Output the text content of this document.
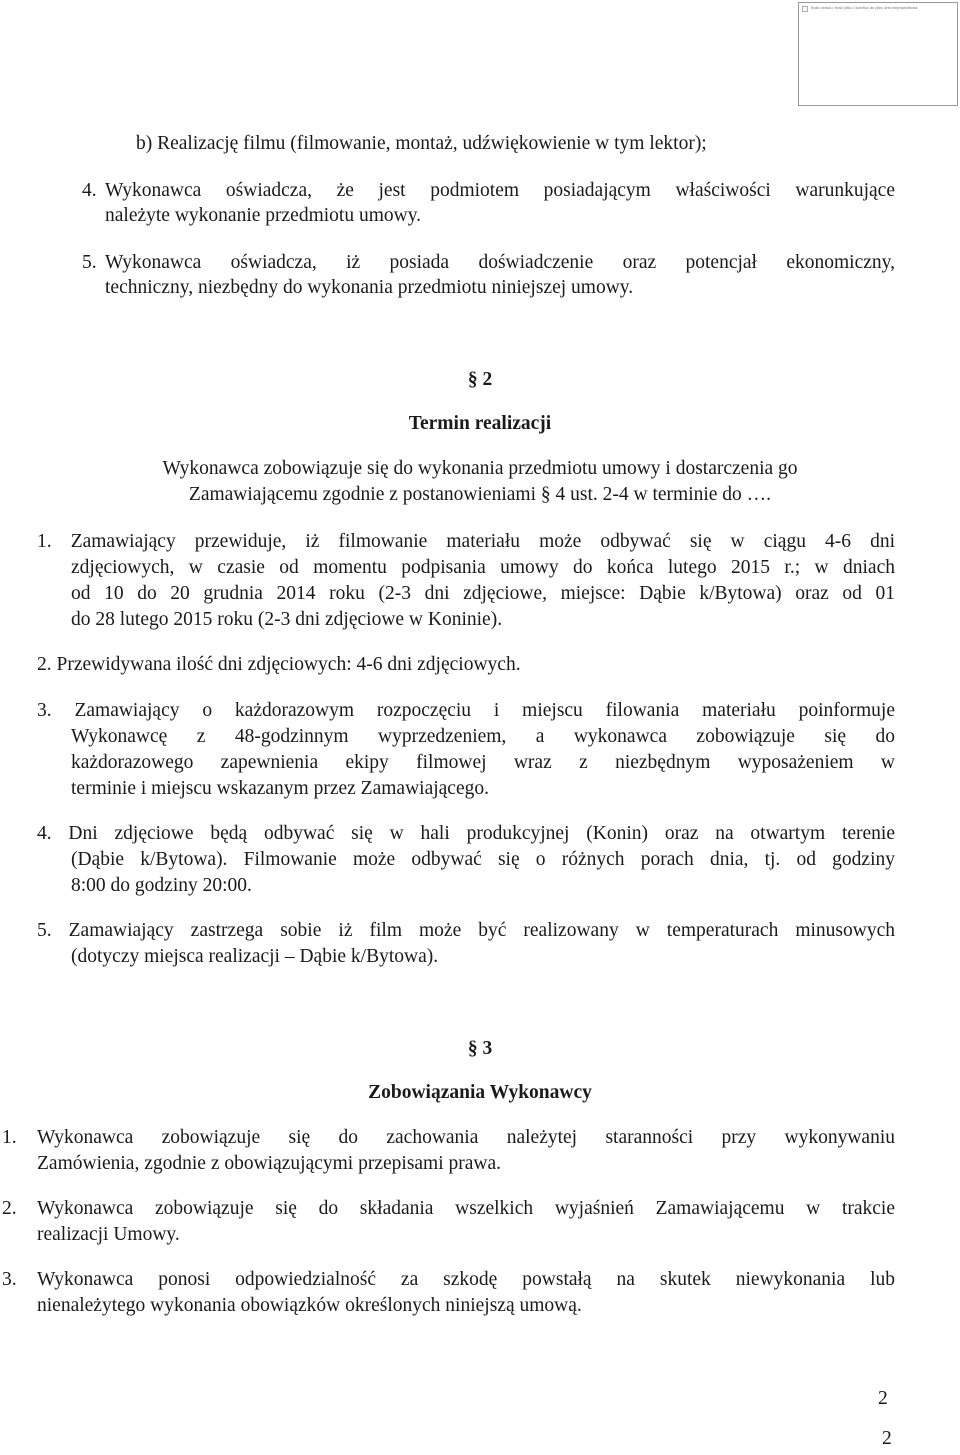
Brak obrazu: brak pliku / ścieżka do pliku jest nieprawidłowa
b) Realizację filmu (filmowanie, montaż, udźwiękowienie w tym lektor);
4. Wykonawca oświadcza, że jest podmiotem posiadającym właściwości warunkujące
należyte wykonanie przedmiotu umowy.
5. Wykonawca oświadcza, iż posiada doświadczenie oraz potencjał ekonomiczny,
techniczny, niezbędny do wykonania przedmiotu niniejszej umowy.
§ 2
Termin realizacji
Wykonawca zobowiązuje się do wykonania przedmiotu umowy i dostarczenia go
Zamawiającemu zgodnie z postanowieniami § 4 ust. 2-4 w terminie do ….
1. Zamawiający przewiduje, iż filmowanie materiału może odbywać się w ciągu 4-6 dni
zdjęciowych, w czasie od momentu podpisania umowy do końca lutego 2015 r.; w dniach
od 10 do 20 grudnia 2014 roku (2-3 dni zdjęciowe, miejsce: Dąbie k/Bytowa) oraz od 01
do 28 lutego 2015 roku (2-3 dni zdjęciowe w Koninie).
2. Przewidywana ilość dni zdjęciowych: 4-6 dni zdjęciowych.
3. Zamawiający o każdorazowym rozpoczęciu i miejscu filowania materiału poinformuje
Wykonawcę z 48-godzinnym wyprzedzeniem, a wykonawca zobowiązuje się do
każdorazowego zapewnienia ekipy filmowej wraz z niezbędnym wyposażeniem w
terminie i miejscu wskazanym przez Zamawiającego.
4. Dni zdjęciowe będą odbywać się w hali produkcyjnej (Konin) oraz na otwartym terenie
(Dąbie k/Bytowa). Filmowanie może odbywać się o różnych porach dnia, tj. od godziny
8:00 do godziny 20:00.
5. Zamawiający zastrzega sobie iż film może być realizowany w temperaturach minusowych
(dotyczy miejsca realizacji – Dąbie k/Bytowa).
§ 3
Zobowiązania Wykonawcy
1. Wykonawca zobowiązuje się do zachowania należytej staranności przy wykonywaniu
Zamówienia, zgodnie z obowiązującymi przepisami prawa.
2. Wykonawca zobowiązuje się do składania wszelkich wyjaśnień Zamawiającemu w trakcie
realizacji Umowy.
3. Wykonawca ponosi odpowiedzialność za szkodę powstałą na skutek niewykonania lub
nienależytego wykonania obowiązków określonych niniejszą umową.
2
2
